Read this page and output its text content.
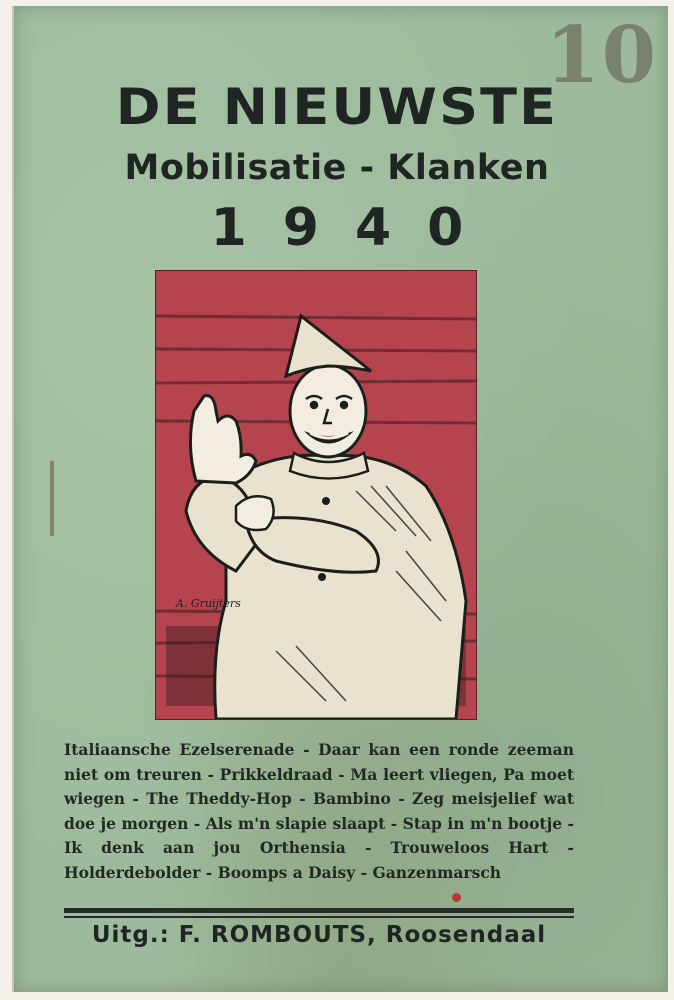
10
DE NIEUWSTE
Mobilisatie - Klanken
1940
A. Gruijters
Italiaansche Ezelserenade - Daar kan een ronde zeeman niet om treuren - Prikkeldraad - Ma leert vliegen, Pa moet wiegen - The Theddy-Hop - Bambino - Zeg meisjelief wat doe je morgen - Als m'n slapie slaapt - Stap in m'n bootje - Ik denk aan jou Orthensia - Trouweloos Hart - Holderdebolder - Boomps a Daisy - Ganzenmarsch
Uitg.: F. ROMBOUTS, Roosendaal
